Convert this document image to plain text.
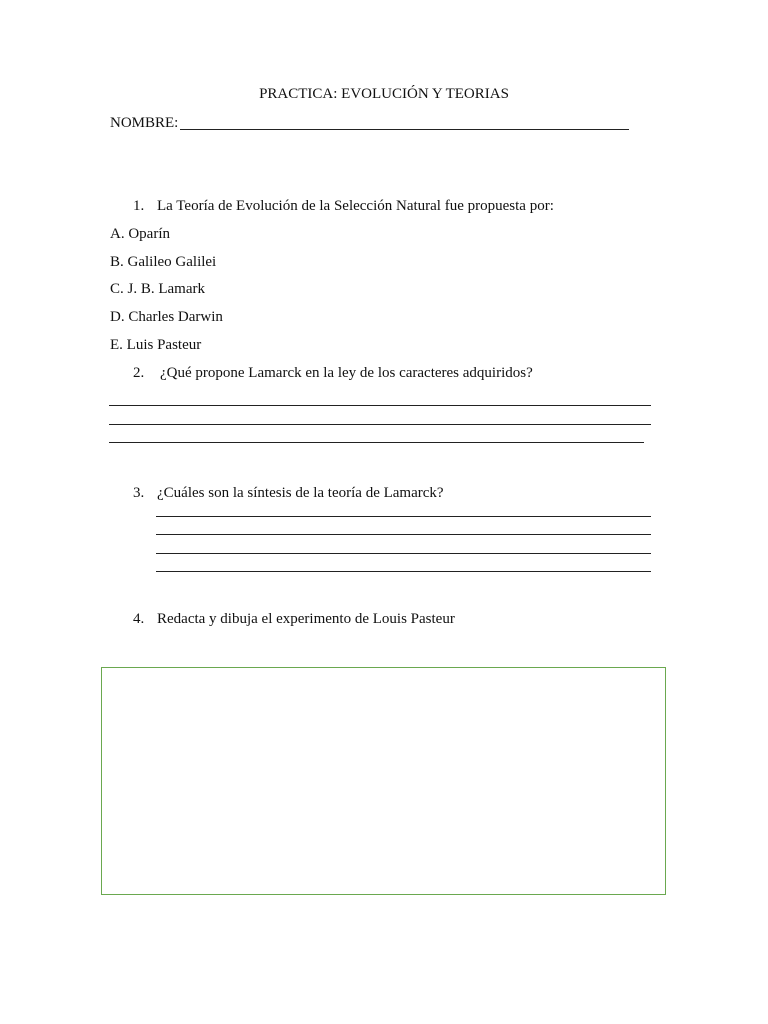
PRACTICA: EVOLUCIÓN Y TEORIAS
NOMBRE:
1. La Teoría de Evolución de la Selección Natural fue propuesta por:
A. Oparín
B. Galileo Galilei
C. J. B. Lamark
D. Charles Darwin
E. Luis Pasteur
2. ¿Qué propone Lamarck en la ley de los caracteres adquiridos?
3. ¿Cuáles son la síntesis de la teoría de Lamarck?
4. Redacta y dibuja el experimento de Louis Pasteur
